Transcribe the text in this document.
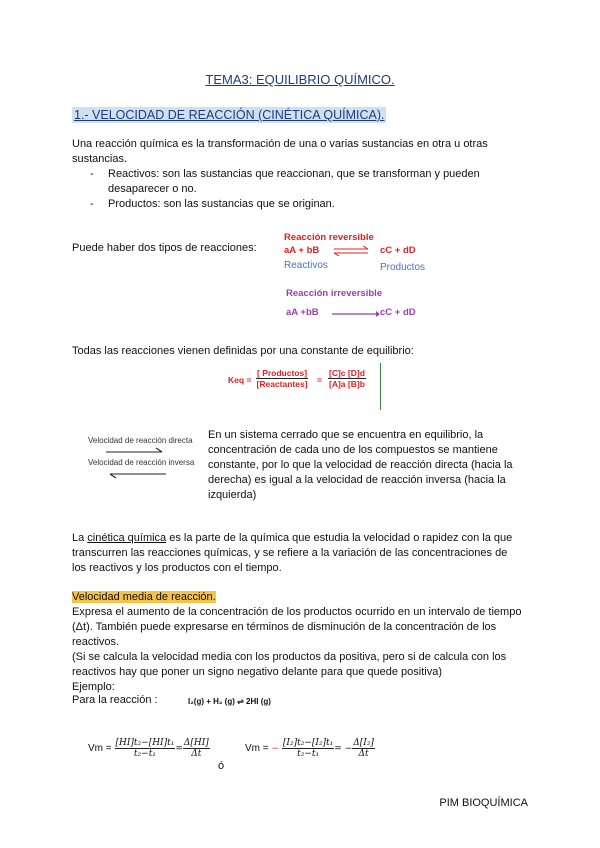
TEMA3: EQUILIBRIO QUÍMICO.
1.- VELOCIDAD DE REACCIÓN (CINÉTICA QUÍMICA).
Una reacción química es la transformación de una o varias sustancias en otra u otras sustancias.
- Reactivos: son las sustancias que reaccionan, que se transforman y pueden desaparecer o no.
- Productos: son las sustancias que se originan.
Puede haber dos tipos de reacciones:
Reacción reversible
aA + bB ⇌ cC + dD
Reactivos	Productos
Reacción irreversible
aA +bB	cC + dD
Todas las reacciones vienen definidas por una constante de equilibrio:
Keq =
[ Productos]
[Reactantes] = $\frac{[C]c [D]d}{[A]a [B]b}$
Velocidad de reacción directa
Velocidad de reacción inversa
En un sistema cerrado que se encuentra en equilibrio, la concentración de cada uno de los compuestos se mantiene constante, por lo que la velocidad de reacción directa (hacia la derecha) es igual a la velocidad de reacción inversa (hacia la izquierda)
La cinética química es la parte de la química que estudia la velocidad o rapidez con la que transcurren las reacciones químicas, y se refiere a la variación de las concentraciones de los reactivos y los productos con el tiempo.
Velocidad media de reacción.
Expresa el aumento de la concentración de los productos ocurrido en un intervalo de tiempo (Δt). También puede expresarse en términos de disminución de la concentración de los reactivos.
(Si se calcula la velocidad media con los productos da positiva, pero si de calcula con los reactivos hay que poner un signo negativo delante para que quede positiva)
Ejemplo:
Para la reacción :	I₂(g) + H₂ (g) ⇌ 2HI (g)
$Vm = \frac{\text{[HI]t₂−[HI]t₁}}{\text{t₂−t₁}} = \frac{\Delta[HI]}{\Delta t}$
ó
Vm = − $\frac{\text{[I₂]t₂−[I₂]t₁}}{\text{t₂−t₁}}$ = − $\frac{\text{Δ[I₂]}}{\Delta t}$
PIM BIOQUÍMICA
